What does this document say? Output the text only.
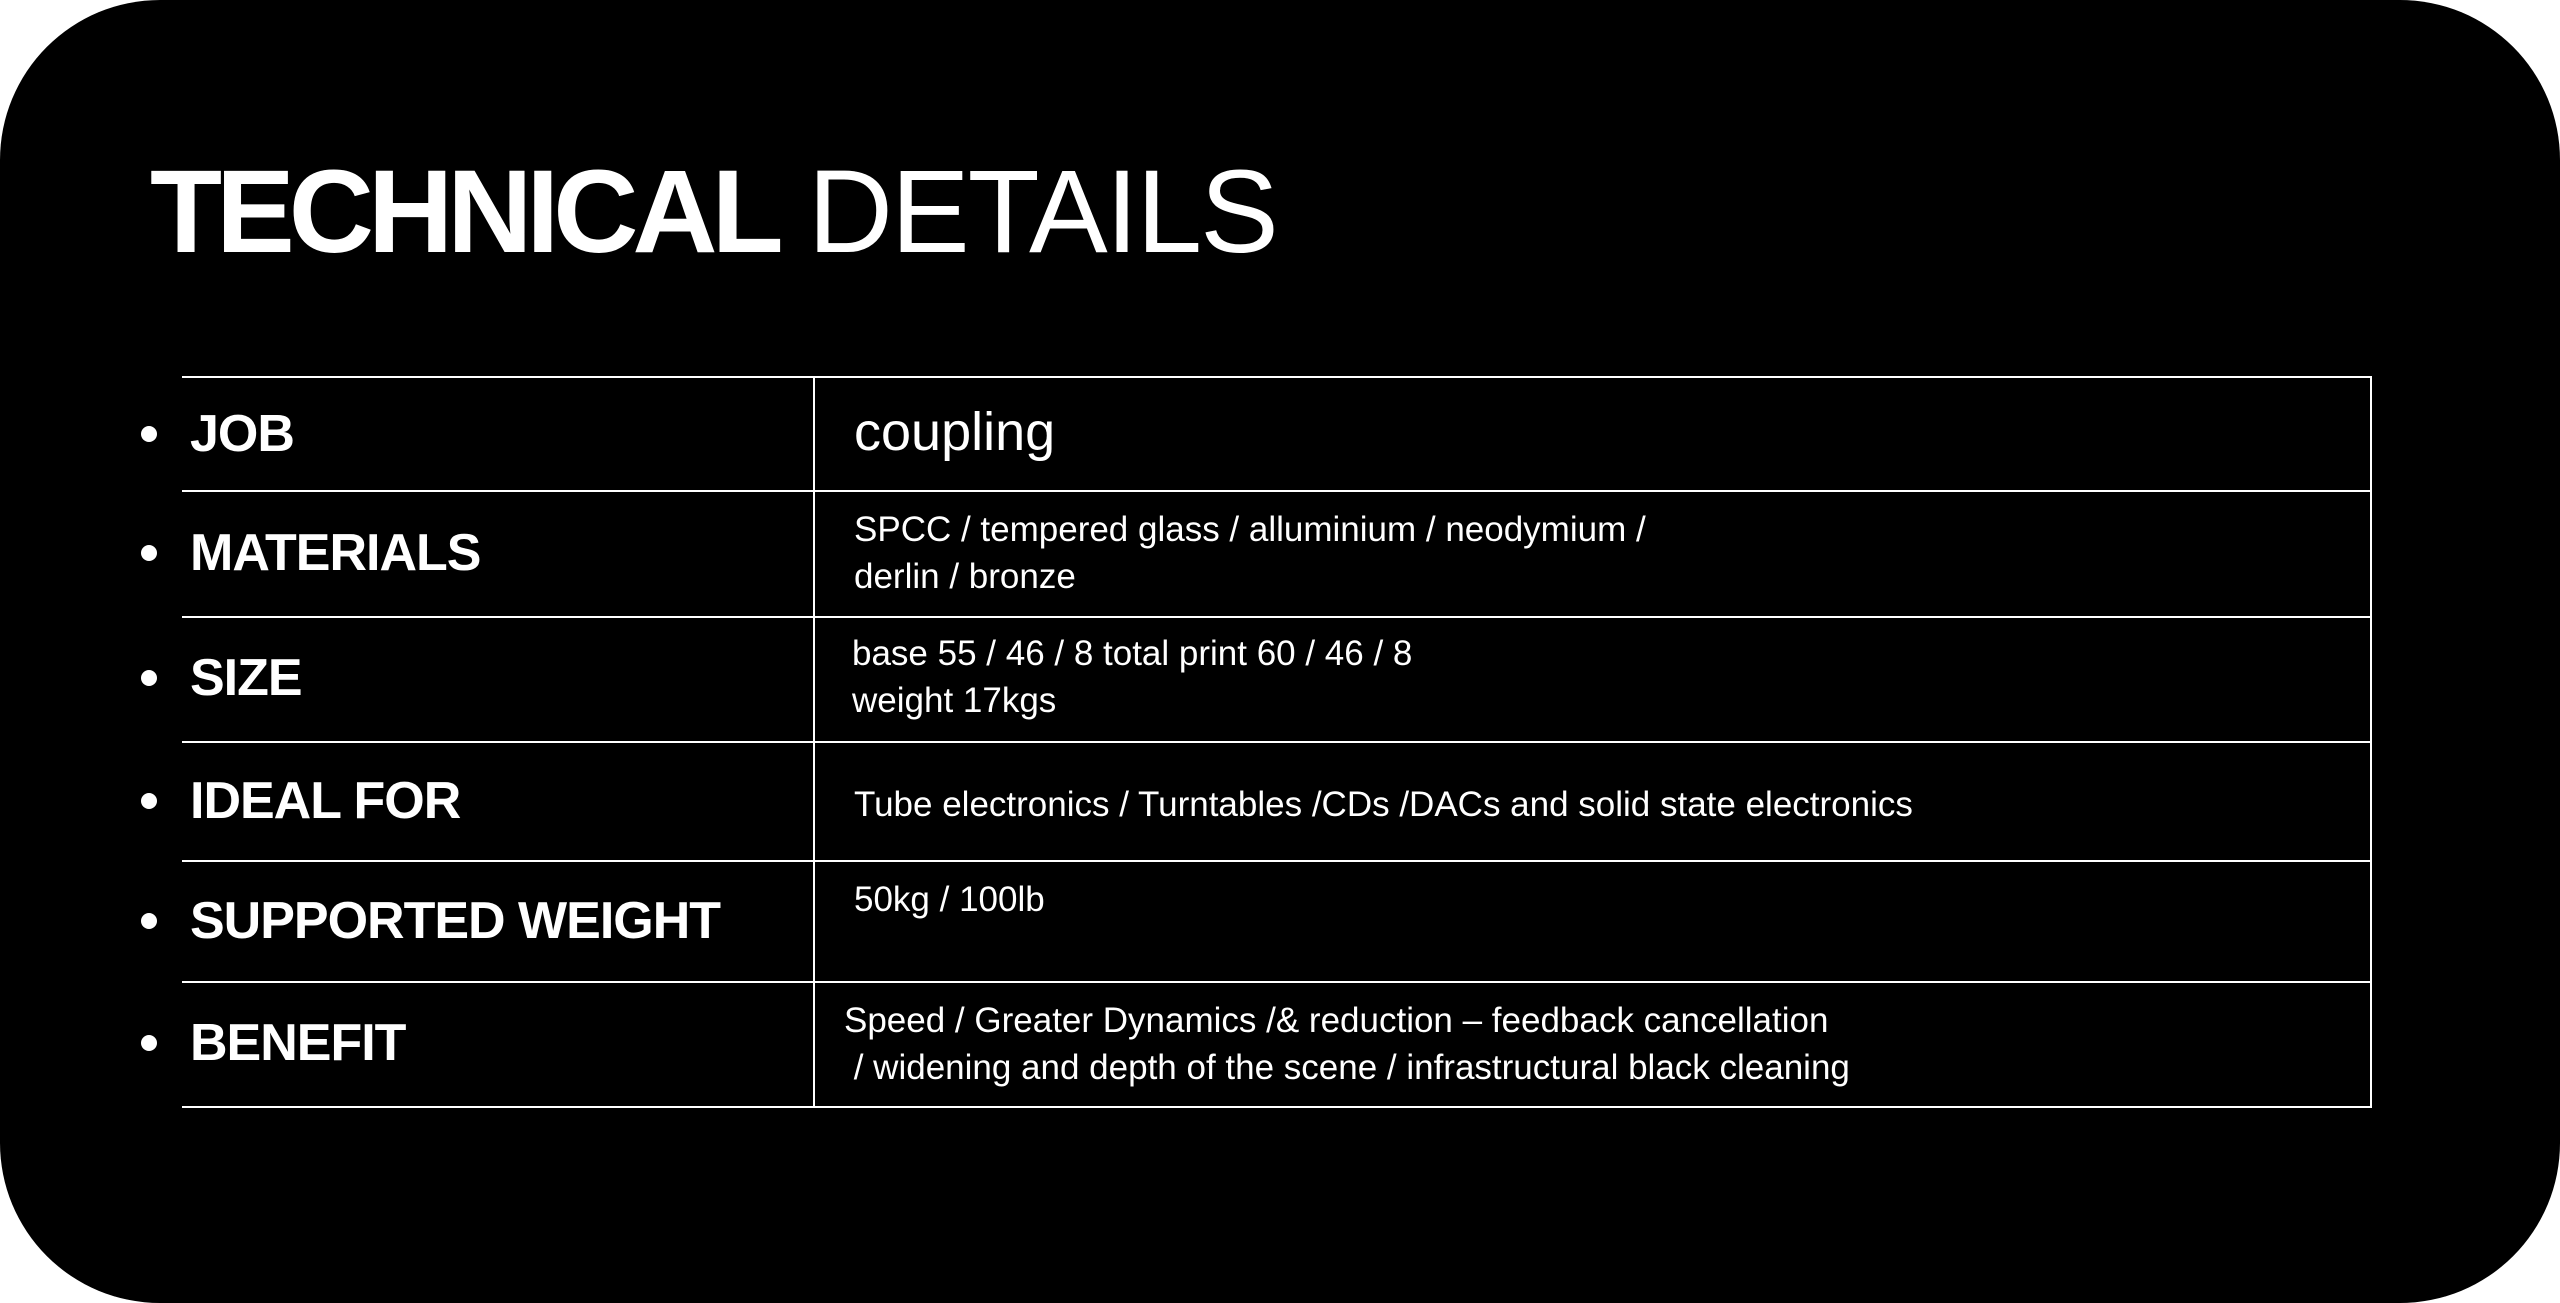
TECHNICAL DETAILS
JOB	coupling
MATERIALS	SPCC / tempered glass / alluminium / neodymium /
derlin / bronze
SIZE	base 55 / 46 / 8 total print 60 / 46 / 8
weight 17kgs
IDEAL FOR	Tube electronics / Turntables /CDs /DACs and solid state electronics
SUPPORTED WEIGHT	50kg / 100lb
BENEFIT	Speed / Greater Dynamics /& reduction – feedback cancellation
/ widening and depth of the scene / infrastructural black cleaning
